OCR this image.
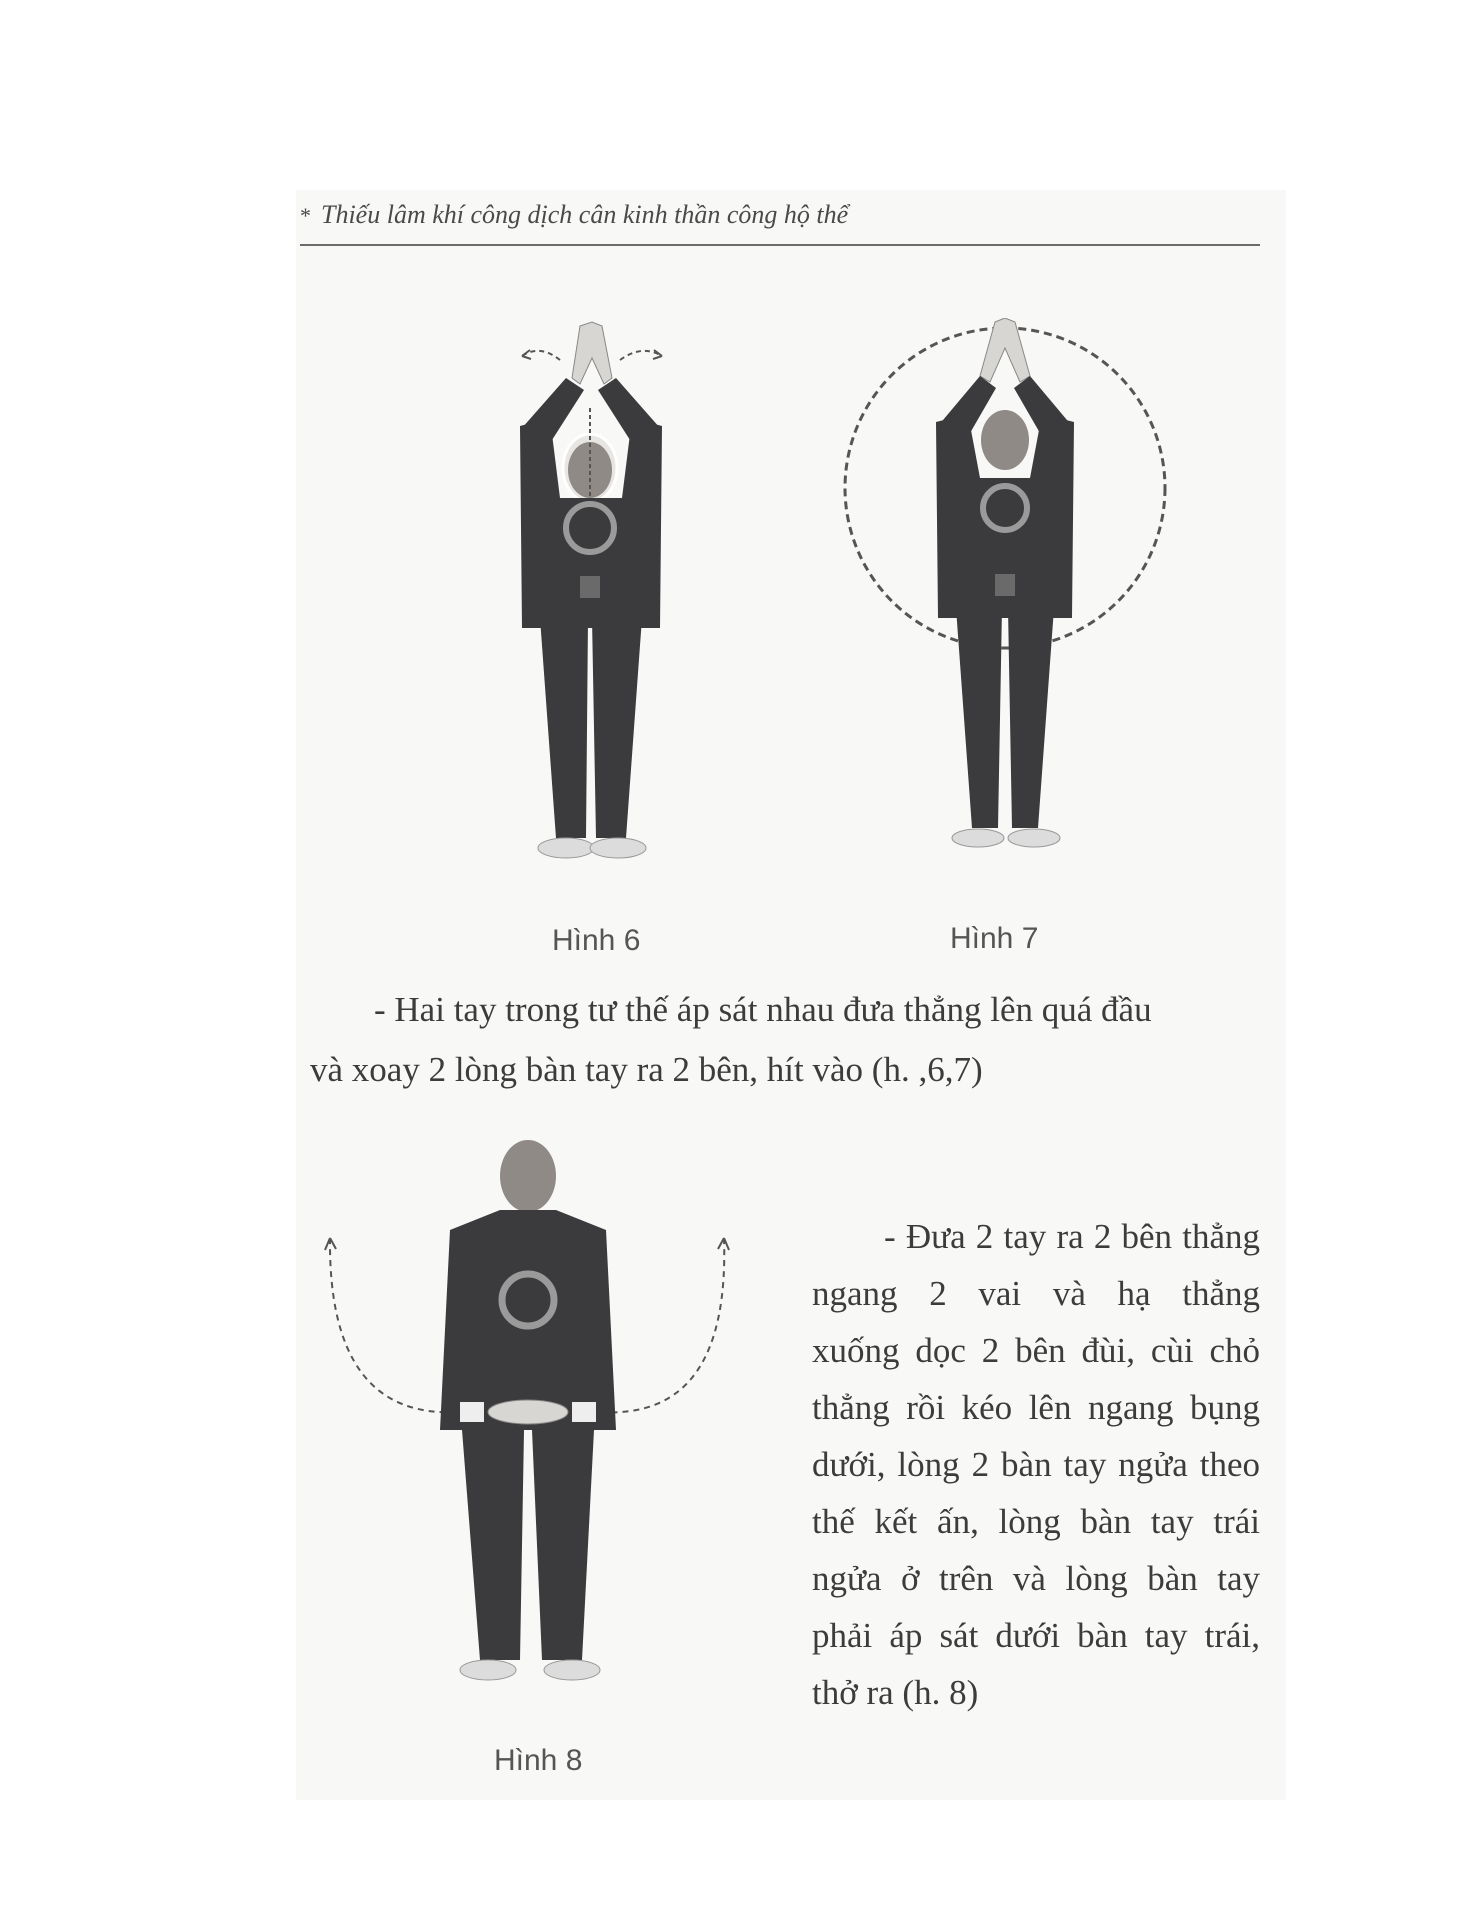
* Thiếu lâm khí công dịch cân kinh thần công hộ thể
Hình 6	Hình 7
- Hai tay trong tư thế áp sát nhau đưa thẳng lên quá đầu
và xoay 2 lòng bàn tay ra 2 bên, hít vào (h. ,6,7)
Hình 8
- Đưa 2 tay ra 2 bên thẳng
ngang 2 vai và hạ thẳng
xuống dọc 2 bên đùi, cùi chỏ
thẳng rồi kéo lên ngang bụng
dưới, lòng 2 bàn tay ngửa theo
thế kết ấn, lòng bàn tay trái
ngửa ở trên và lòng bàn tay
phải áp sát dưới bàn tay trái,
thở ra (h. 8)
